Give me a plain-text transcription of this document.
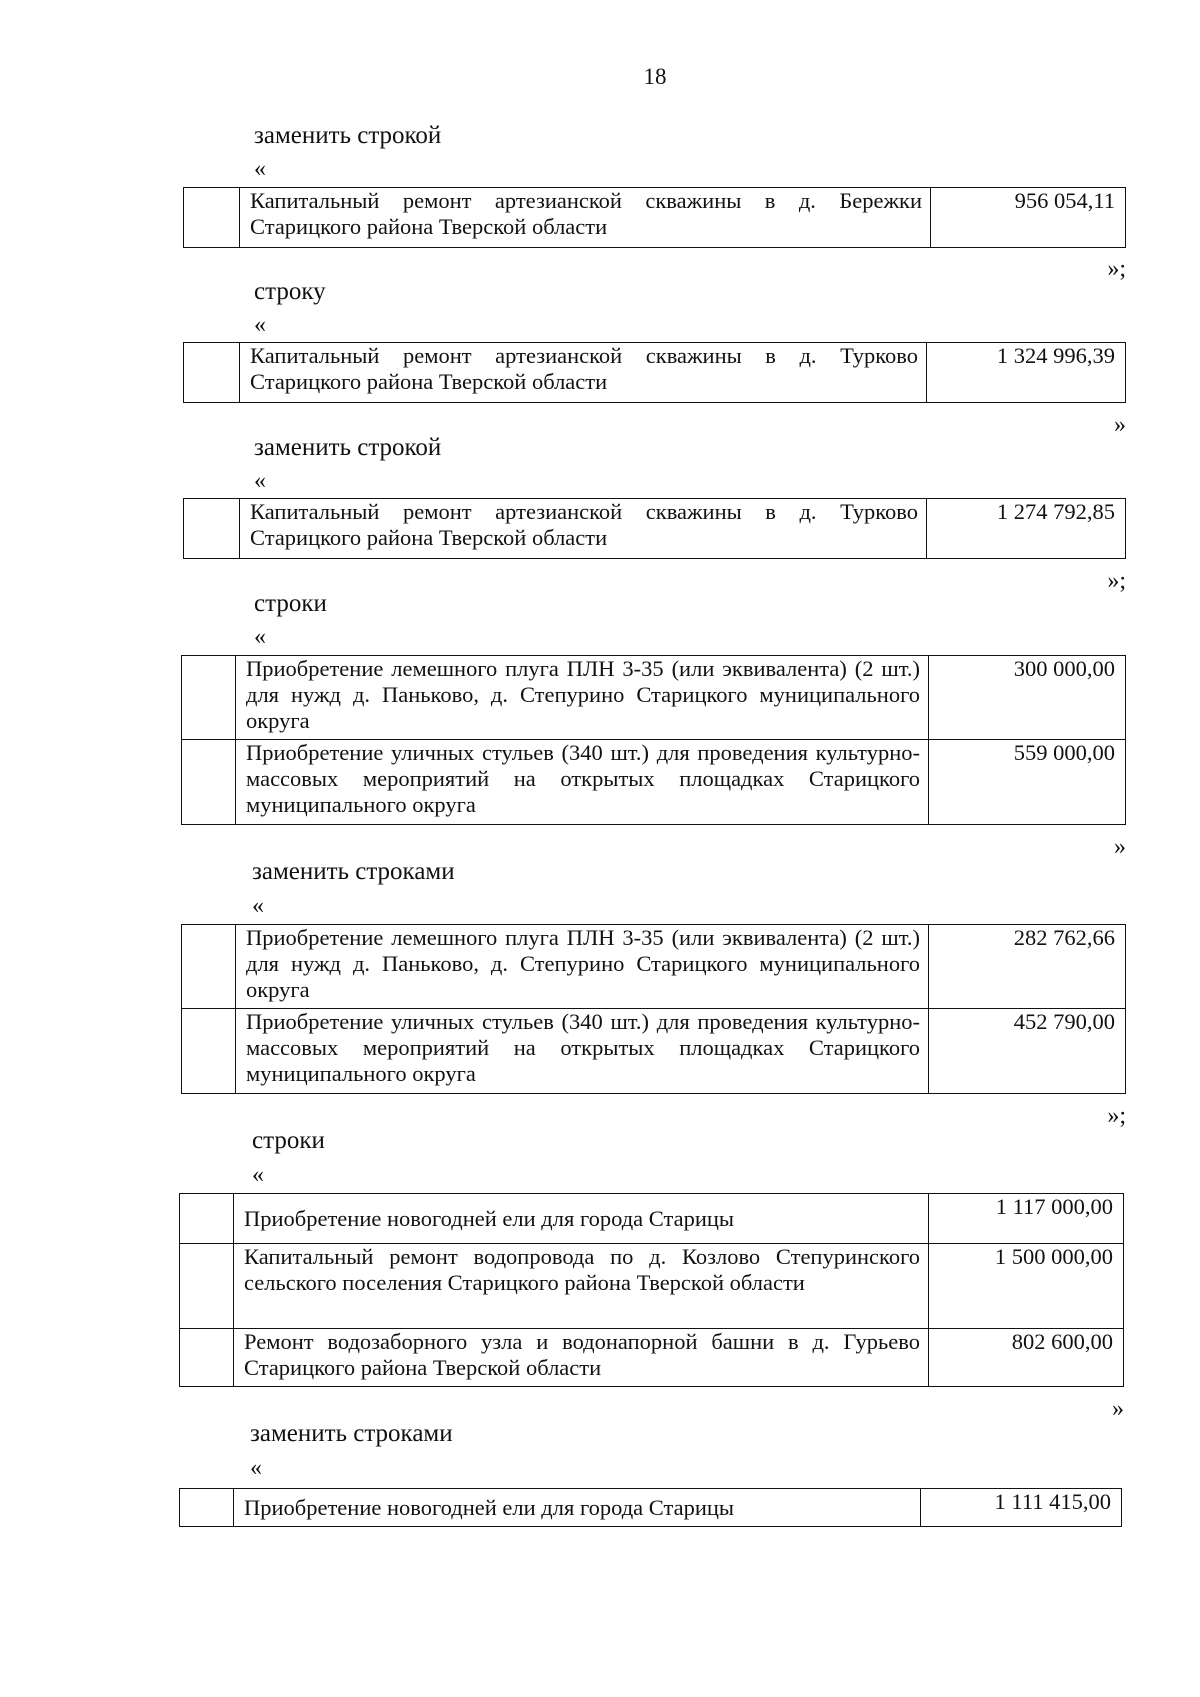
18
заменить строкой
«
	Капитальный ремонт артезианской скважины в д. Бережки Старицкого района Тверской области	956 054,11
»;
строку
«
	Капитальный ремонт артезианской скважины в д. Турково Старицкого района Тверской области	1 324 996,39
»
заменить строкой
«
	Капитальный ремонт артезианской скважины в д. Турково Старицкого района Тверской области	1 274 792,85
»;
строки
«
	Приобретение лемешного плуга ПЛН 3-35 (или эквивалента) (2 шт.) для нужд д. Паньково, д. Степурино Старицкого муниципального округа	300 000,00
	Приобретение уличных стульев (340 шт.) для проведения культурно-массовых мероприятий на открытых площадках Старицкого муниципального округа	559 000,00
»
заменить строками
«
	Приобретение лемешного плуга ПЛН 3-35 (или эквивалента) (2 шт.) для нужд д. Паньково, д. Степурино Старицкого муниципального округа	282 762,66
	Приобретение уличных стульев (340 шт.) для проведения культурно-массовых мероприятий на открытых площадках Старицкого муниципального округа	452 790,00
»;
строки
«
	Приобретение новогодней ели для города Старицы	1 117 000,00
	Капитальный ремонт водопровода по д. Козлово Степуринского сельского поселения Старицкого района Тверской области	1 500 000,00
	Ремонт водозаборного узла и водонапорной башни в д. Гурьево Старицкого района Тверской области	802 600,00
»
заменить строками
«
	Приобретение новогодней ели для города Старицы	1 111 415,00
